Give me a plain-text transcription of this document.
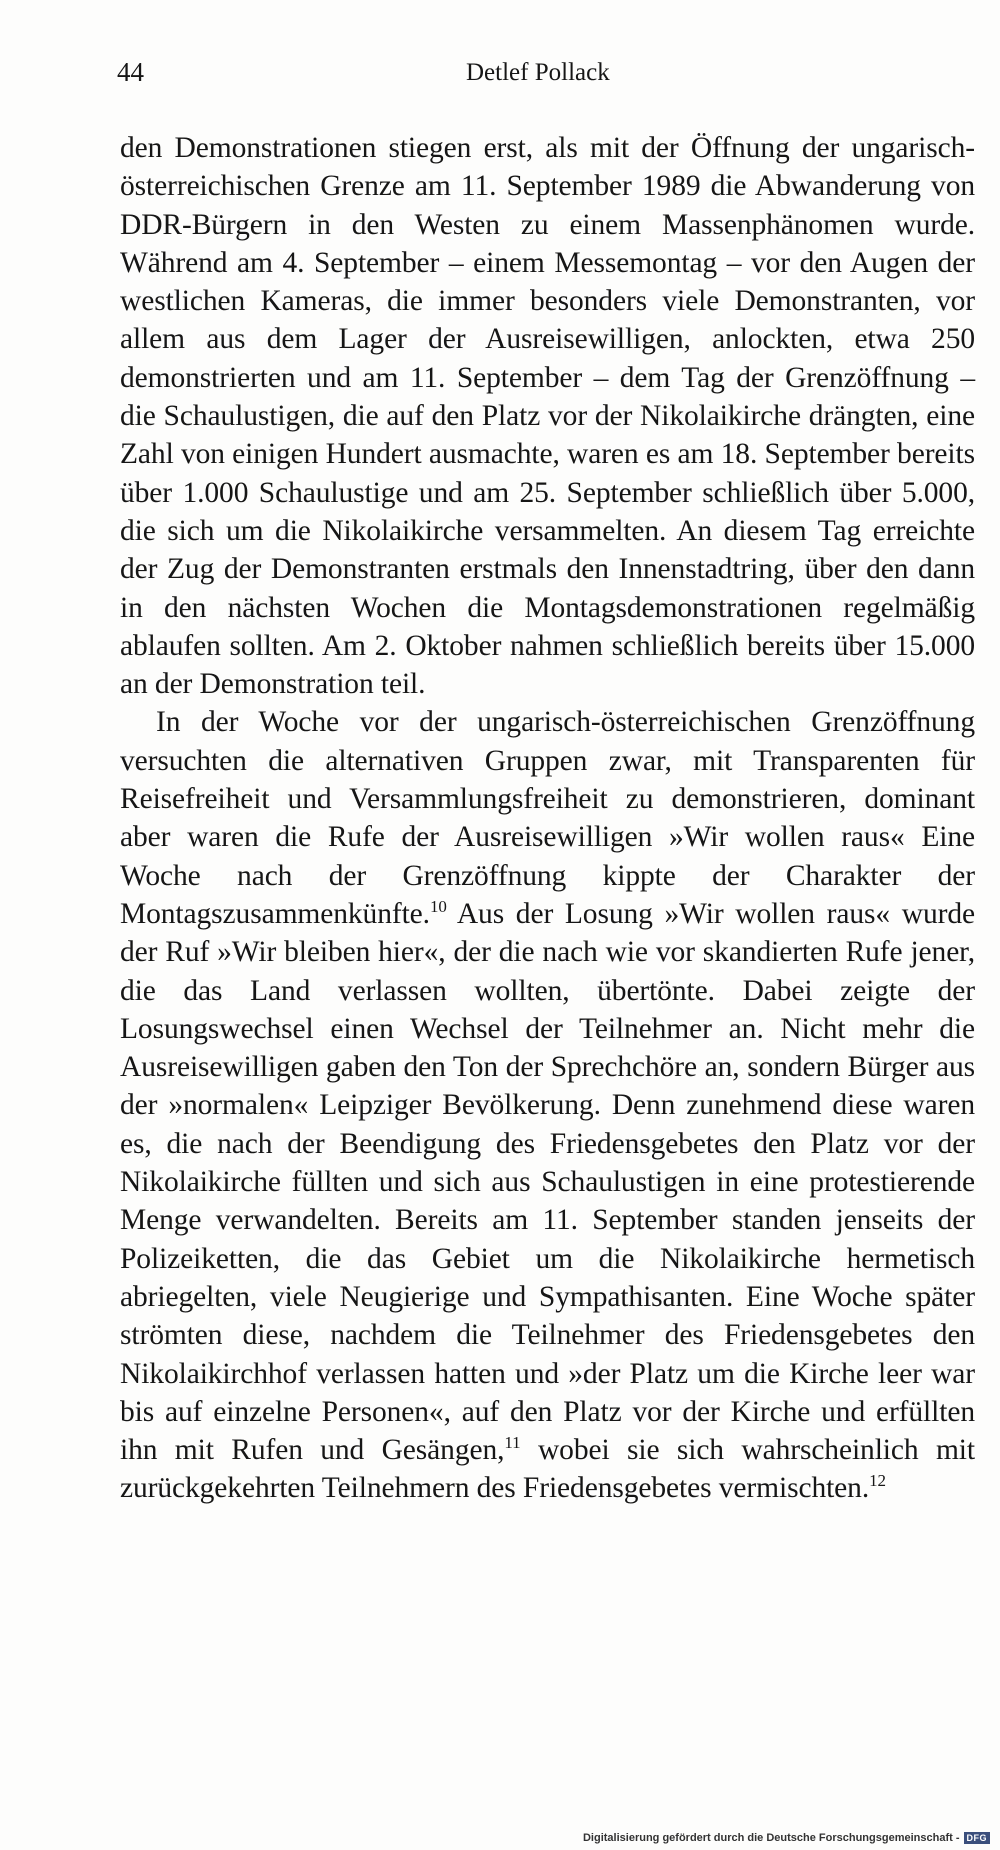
44	Detlef Pollack

den Demonstrationen stiegen erst, als mit der Öffnung der ungarisch-österreichischen Grenze am 11. September 1989 die Abwanderung von DDR-Bürgern in den Westen zu einem Massenphänomen wurde. Während am 4. September – einem Messemontag – vor den Augen der westlichen Kameras, die immer besonders viele Demonstranten, vor allem aus dem Lager der Ausreisewilligen, anlockten, etwa 250 demonstrierten und am 11. September – dem Tag der Grenzöffnung – die Schaulustigen, die auf den Platz vor der Nikolaikirche drängten, eine Zahl von einigen Hundert ausmachte, waren es am 18. September bereits über 1.000 Schaulustige und am 25. September schließlich über 5.000, die sich um die Nikolaikirche versammelten. An diesem Tag erreichte der Zug der Demonstranten erstmals den Innenstadtring, über den dann in den nächsten Wochen die Montagsdemonstrationen regelmäßig ablaufen sollten. Am 2. Oktober nahmen schließlich bereits über 15.000 an der Demonstration teil.

In der Woche vor der ungarisch-österreichischen Grenzöffnung versuchten die alternativen Gruppen zwar, mit Transparenten für Reisefreiheit und Versammlungsfreiheit zu demonstrieren, dominant aber waren die Rufe der Ausreisewilligen »Wir wollen raus« Eine Woche nach der Grenzöffnung kippte der Charakter der Montagszusammenkünfte.$^{10}$ Aus der Losung »Wir wollen raus« wurde der Ruf »Wir bleiben hier«, der die nach wie vor skandierten Rufe jener, die das Land verlassen wollten, übertönte. Dabei zeigte der Losungswechsel einen Wechsel der Teilnehmer an. Nicht mehr die Ausreisewilligen gaben den Ton der Sprechchöre an, sondern Bürger aus der »normalen« Leipziger Bevölkerung. Denn zunehmend diese waren es, die nach der Beendigung des Friedensgebetes den Platz vor der Nikolaikirche füllten und sich aus Schaulustigen in eine protestierende Menge verwandelten. Bereits am 11. September standen jenseits der Polizeiketten, die das Gebiet um die Nikolaikirche hermetisch abriegelten, viele Neugierige und Sympathisanten. Eine Woche später strömten diese, nachdem die Teilnehmer des Friedensgebetes den Nikolaikirchhof verlassen hatten und »der Platz um die Kirche leer war bis auf einzelne Personen«, auf den Platz vor der Kirche und erfüllten ihn mit Rufen und Gesängen,$^{11}$ wobei sie sich wahrscheinlich mit zurückgekehrten Teilnehmern des Friedensgebetes vermischten.$^{12}$

Digitalisierung gefördert durch die Deutsche Forschungsgemeinschaft - DFG
